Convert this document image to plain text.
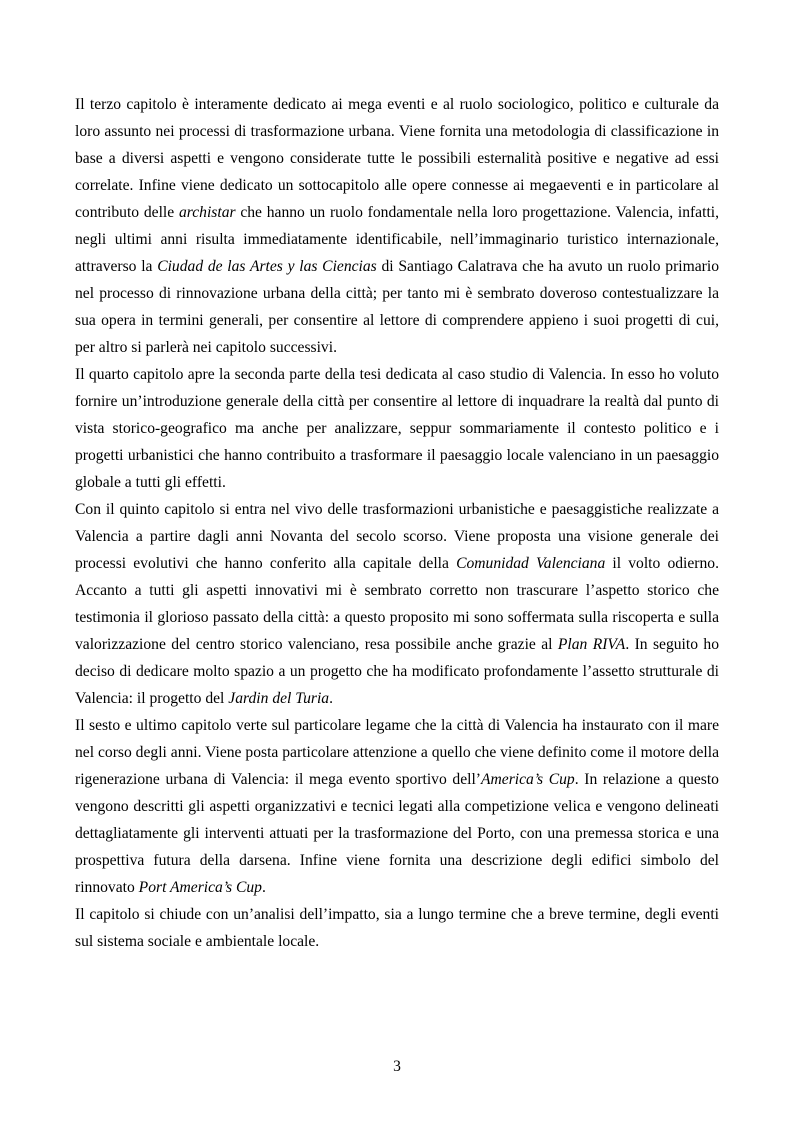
Il terzo capitolo è interamente dedicato ai mega eventi e al ruolo sociologico, politico e culturale da loro assunto nei processi di trasformazione urbana. Viene fornita una metodologia di classificazione in base a diversi aspetti e vengono considerate tutte le possibili esternalità positive e negative ad essi correlate. Infine viene dedicato un sottocapitolo alle opere connesse ai megaeventi e in particolare al contributo delle archistar che hanno un ruolo fondamentale nella loro progettazione. Valencia, infatti, negli ultimi anni risulta immediatamente identificabile, nell’immaginario turistico internazionale, attraverso la Ciudad de las Artes y las Ciencias di Santiago Calatrava che ha avuto un ruolo primario nel processo di rinnovazione urbana della città; per tanto mi è sembrato doveroso contestualizzare la sua opera in termini generali, per consentire al lettore di comprendere appieno i suoi progetti di cui, per altro si parlerà nei capitolo successivi.

Il quarto capitolo apre la seconda parte della tesi dedicata al caso studio di Valencia. In esso ho voluto fornire un’introduzione generale della città per consentire al lettore di inquadrare la realtà dal punto di vista storico-geografico ma anche per analizzare, seppur sommariamente il contesto politico e i progetti urbanistici che hanno contribuito a trasformare il paesaggio locale valenciano in un paesaggio globale a tutti gli effetti.

Con il quinto capitolo si entra nel vivo delle trasformazioni urbanistiche e paesaggistiche realizzate a Valencia a partire dagli anni Novanta del secolo scorso. Viene proposta una visione generale dei processi evolutivi che hanno conferito alla capitale della Comunidad Valenciana il volto odierno. Accanto a tutti gli aspetti innovativi mi è sembrato corretto non trascurare l’aspetto storico che testimonia il glorioso passato della città: a questo proposito mi sono soffermata sulla riscoperta e sulla valorizzazione del centro storico valenciano, resa possibile anche grazie al Plan RIVA. In seguito ho deciso di dedicare molto spazio a un progetto che ha modificato profondamente l’assetto strutturale di Valencia: il progetto del Jardin del Turia.

Il sesto e ultimo capitolo verte sul particolare legame che la città di Valencia ha instaurato con il mare nel corso degli anni. Viene posta particolare attenzione a quello che viene definito come il motore della rigenerazione urbana di Valencia: il mega evento sportivo dell’America’s Cup. In relazione a questo vengono descritti gli aspetti organizzativi e tecnici legati alla competizione velica e vengono delineati dettagliatamente gli interventi attuati per la trasformazione del Porto, con una premessa storica e una prospettiva futura della darsena. Infine viene fornita una descrizione degli edifici simbolo del rinnovato Port America’s Cup.

Il capitolo si chiude con un’analisi dell’impatto, sia a lungo termine che a breve termine, degli eventi sul sistema sociale e ambientale locale.

3
